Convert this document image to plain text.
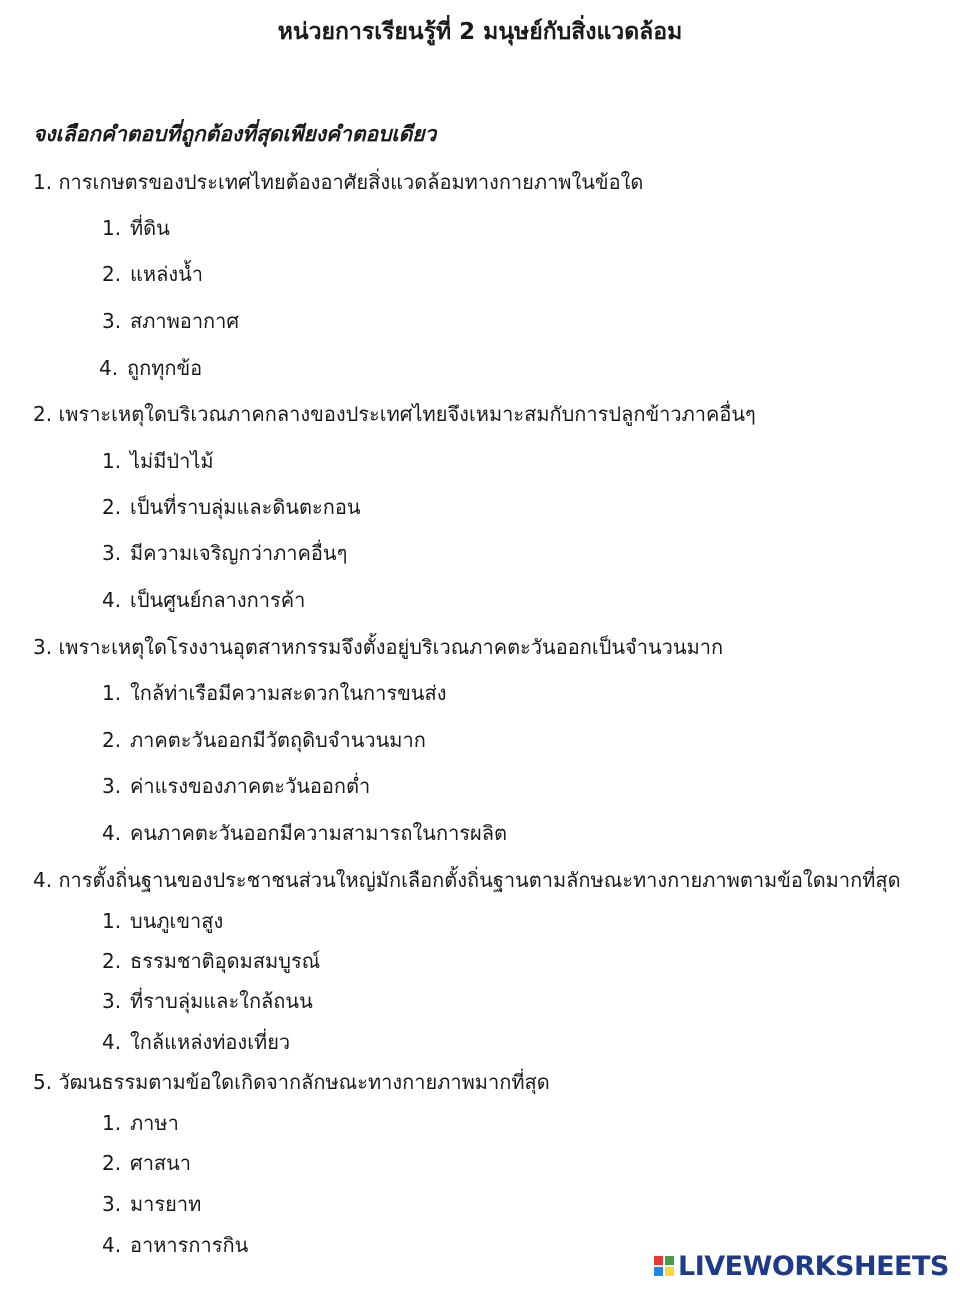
หน่วยการเรียนรู้ที่ 2 มนุษย์กับสิ่งแวดล้อม
จงเลือกคำตอบที่ถูกต้องที่สุดเพียงคำตอบเดียว
1. การเกษตรของประเทศไทยต้องอาศัยสิ่งแวดล้อมทางกายภาพในข้อใด
1. ที่ดิน
2. แหล่งน้ำ
3. สภาพอากาศ
4. ถูกทุกข้อ
2. เพราะเหตุใดบริเวณภาคกลางของประเทศไทยจึงเหมาะสมกับการปลูกข้าวภาคอื่นๆ
1. ไม่มีป่าไม้
2. เป็นที่ราบลุ่มและดินตะกอน
3. มีความเจริญกว่าภาคอื่นๆ
4. เป็นศูนย์กลางการค้า
3. เพราะเหตุใดโรงงานอุตสาหกรรมจึงตั้งอยู่บริเวณภาคตะวันออกเป็นจำนวนมาก
1. ใกล้ท่าเรือมีความสะดวกในการขนส่ง
2. ภาคตะวันออกมีวัตถุดิบจำนวนมาก
3. ค่าแรงของภาคตะวันออกต่ำ
4. คนภาคตะวันออกมีความสามารถในการผลิต
4. การตั้งถิ่นฐานของประชาชนส่วนใหญ่มักเลือกตั้งถิ่นฐานตามลักษณะทางกายภาพตามข้อใดมากที่สุด
1. บนภูเขาสูง
2. ธรรมชาติอุดมสมบูรณ์
3. ที่ราบลุ่มและใกล้ถนน
4. ใกล้แหล่งท่องเที่ยว
5. วัฒนธรรมตามข้อใดเกิดจากลักษณะทางกายภาพมากที่สุด
1. ภาษา
2. ศาสนา
3. มารยาท
4. อาหารการกิน
LIVEWORKSHEETS
